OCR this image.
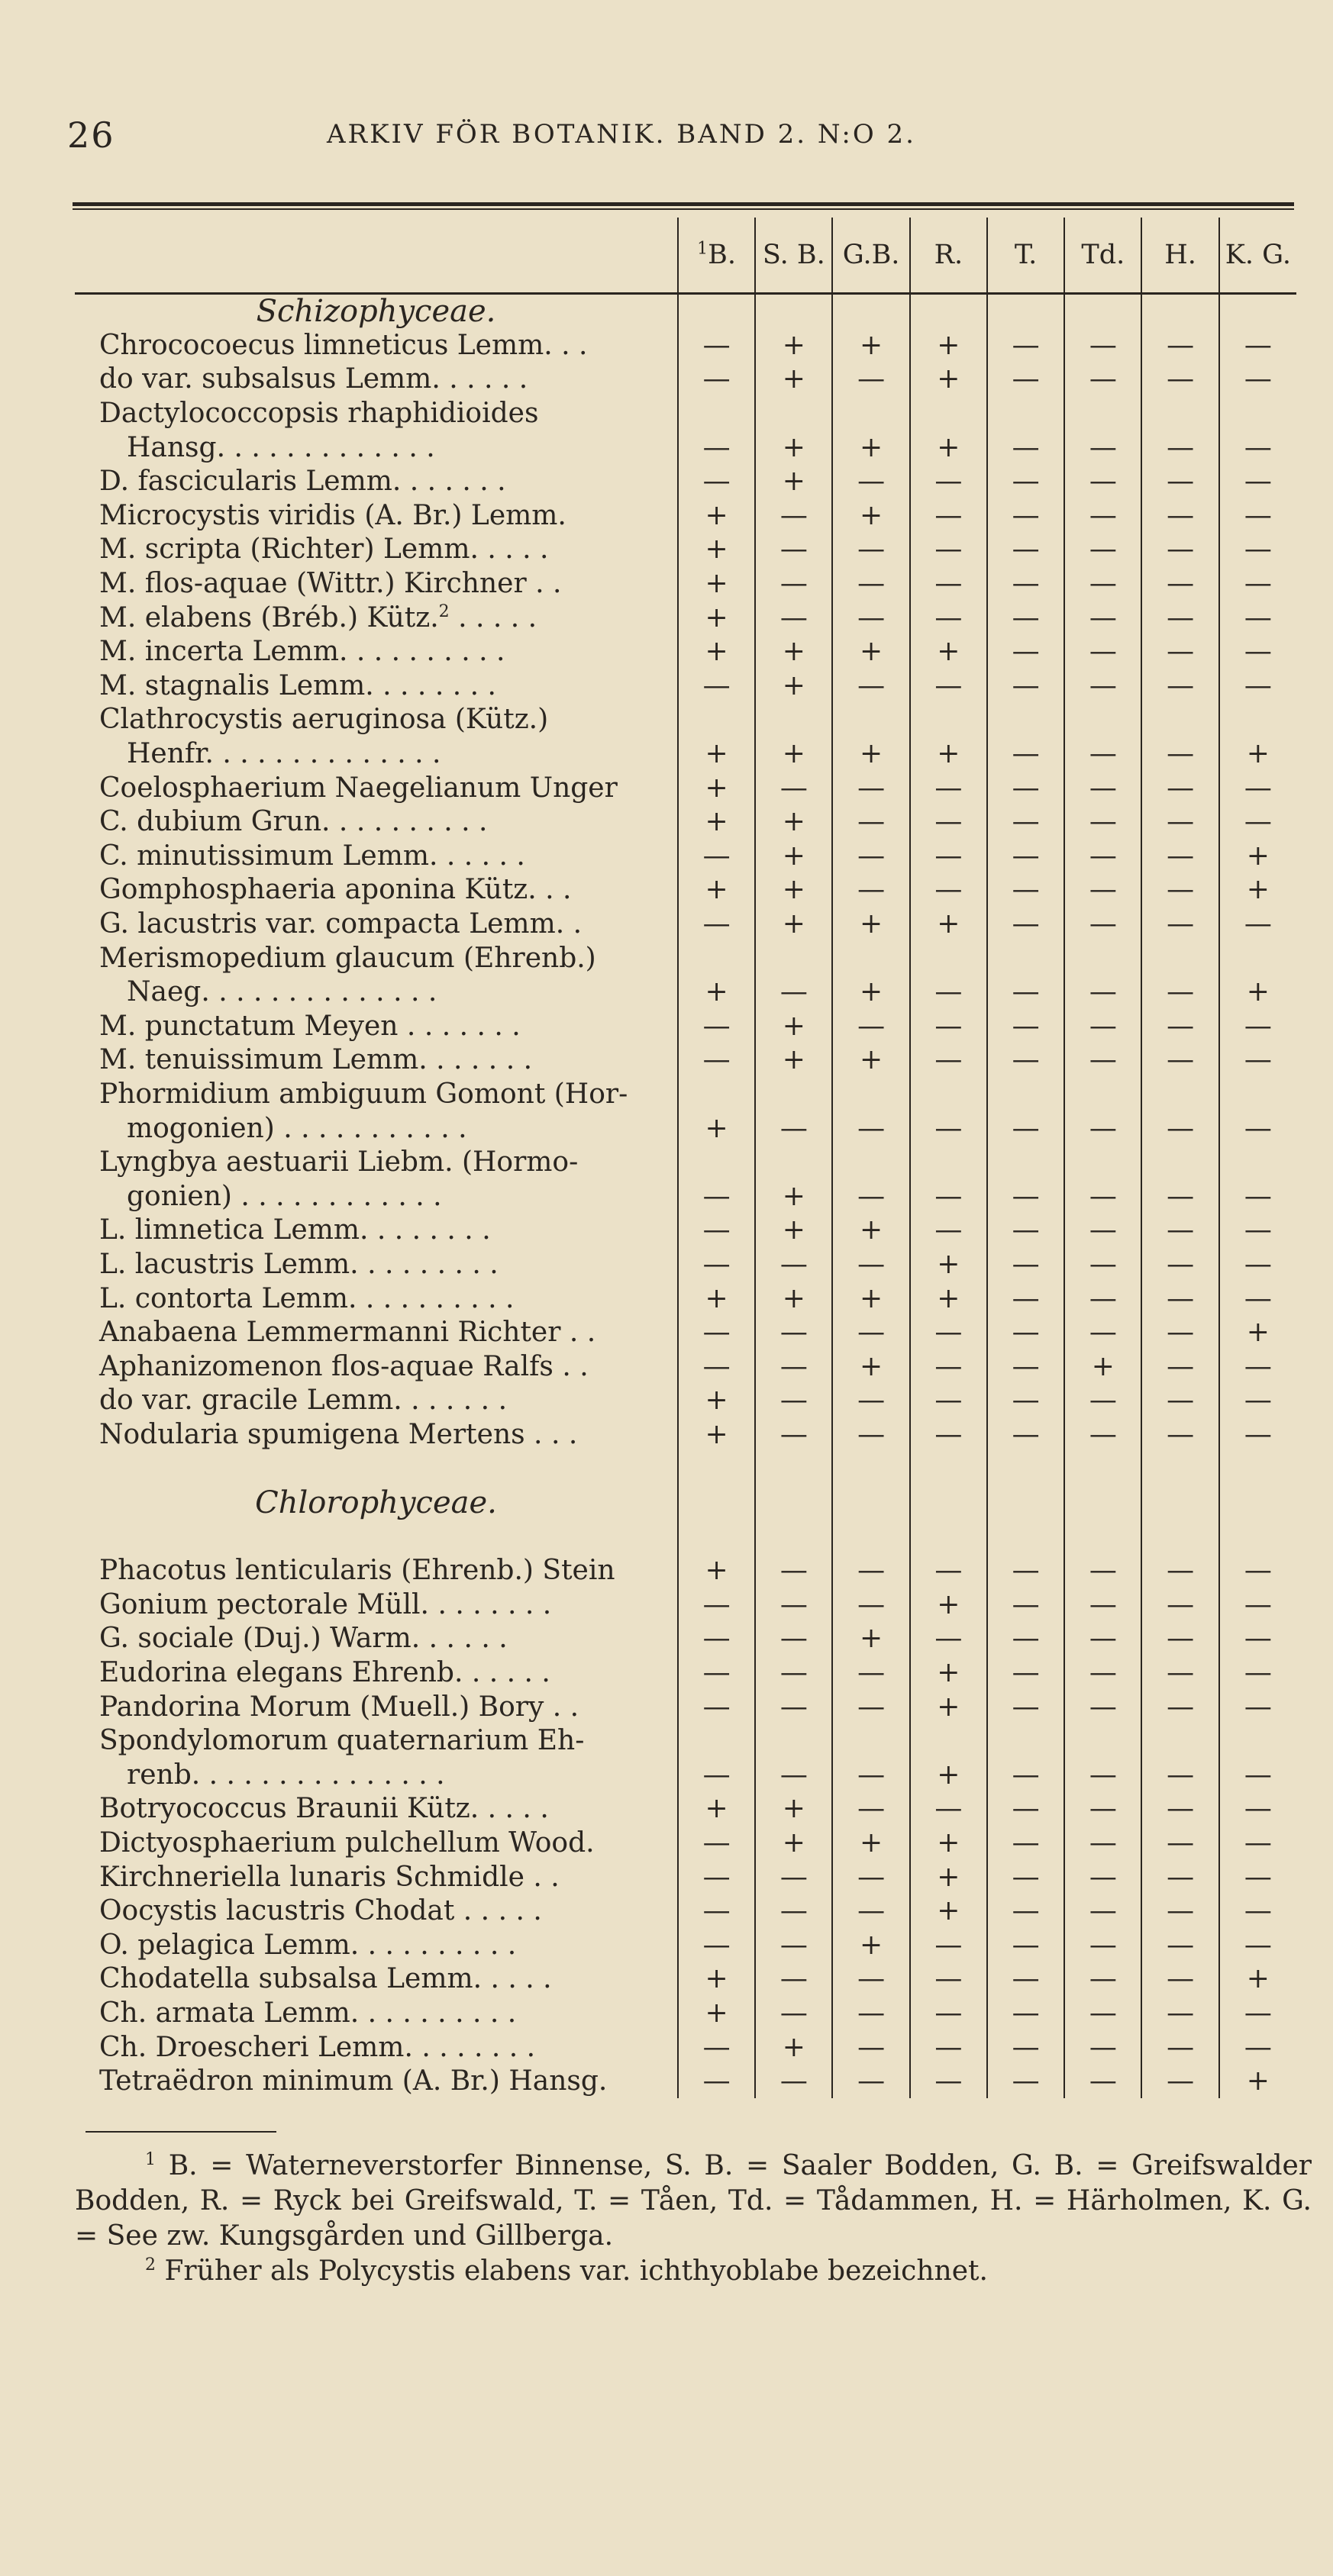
26	ARKIV FÖR BOTANIK. BAND 2. N:O 2.
	$^1$B.	S. B.	G.B.	R.	T.	Td.	H.	K. G.
Schizophyceae.								
Chrococoecus limneticus Lemm. . .	—	+	+	+	—	—	—	—
do var. subsalsus Lemm. . . . . .	—	+	—	+	—	—	—	—
Dactylococcopsis rhaphidioides								
Hansg. . . . . . . . . . . . .	—	+	+	+	—	—	—	—
D. fascicularis Lemm. . . . . . .	—	+	—	—	—	—	—	—
Microcystis viridis (A. Br.) Lemm.	+	—	+	—	—	—	—	—
M. scripta (Richter) Lemm. . . . .	+	—	—	—	—	—	—	—
M. flos-aquae (Wittr.) Kirchner . .	+	—	—	—	—	—	—	—
M. elabens (Bréb.) Kütz.$^2$ . . . . .	+	—	—	—	—	—	—	—
M. incerta Lemm. . . . . . . . . .	+	+	+	+	—	—	—	—
M. stagnalis Lemm. . . . . . . .	—	+	—	—	—	—	—	—
Clathrocystis aeruginosa (Kütz.)								
Henfr. . . . . . . . . . . . . .	+	+	+	+	—	—	—	+
Coelosphaerium Naegelianum Unger	+	—	—	—	—	—	—	—
C. dubium Grun. . . . . . . . . .	+	+	—	—	—	—	—	—
C. minutissimum Lemm. . . . . .	—	+	—	—	—	—	—	+
Gomphosphaeria aponina Kütz. . .	+	+	—	—	—	—	—	+
G. lacustris var. compacta Lemm. .	—	+	+	+	—	—	—	—
Merismopedium glaucum (Ehrenb.)								
Naeg. . . . . . . . . . . . . .	+	—	+	—	—	—	—	+
M. punctatum Meyen . . . . . . .	—	+	—	—	—	—	—	—
M. tenuissimum Lemm. . . . . . .	—	+	+	—	—	—	—	—
Phormidium ambiguum Gomont (Hor-								
mogonien) . . . . . . . . . . .	+	—	—	—	—	—	—	—
Lyngbya aestuarii Liebm. (Hormo-								
gonien) . . . . . . . . . . . .	—	+	—	—	—	—	—	—
L. limnetica Lemm. . . . . . . .	—	+	+	—	—	—	—	—
L. lacustris Lemm. . . . . . . . .	—	—	—	+	—	—	—	—
L. contorta Lemm. . . . . . . . . .	+	+	+	+	—	—	—	—
Anabaena Lemmermanni Richter . .	—	—	—	—	—	—	—	+
Aphanizomenon flos-aquae Ralfs . .	—	—	+	—	—	+	—	—
do var. gracile Lemm. . . . . . .	+	—	—	—	—	—	—	—
Nodularia spumigena Mertens . . .	+	—	—	—	—	—	—	—

Chlorophyceae.								

Phacotus lenticularis (Ehrenb.) Stein	+	—	—	—	—	—	—	—
Gonium pectorale Müll. . . . . . . .	—	—	—	+	—	—	—	—
G. sociale (Duj.) Warm. . . . . .	—	—	+	—	—	—	—	—
Eudorina elegans Ehrenb. . . . . .	—	—	—	+	—	—	—	—
Pandorina Morum (Muell.) Bory . .	—	—	—	+	—	—	—	—
Spondylomorum quaternarium Eh-								
renb. . . . . . . . . . . . . . .	—	—	—	+	—	—	—	—
Botryococcus Braunii Kütz. . . . .	+	+	—	—	—	—	—	—
Dictyosphaerium pulchellum Wood.	—	+	+	+	—	—	—	—
Kirchneriella lunaris Schmidle . .	—	—	—	+	—	—	—	—
Oocystis lacustris Chodat . . . . .	—	—	—	+	—	—	—	—
O. pelagica Lemm. . . . . . . . . .	—	—	+	—	—	—	—	—
Chodatella subsalsa Lemm. . . . .	+	—	—	—	—	—	—	+
Ch. armata Lemm. . . . . . . . . .	+	—	—	—	—	—	—	—
Ch. Droescheri Lemm. . . . . . . .	—	+	—	—	—	—	—	—
Tetraëdron minimum (A. Br.) Hansg.	—	—	—	—	—	—	—	+

$^1$ B. = Waterneverstorfer Binnense, S. B. = Saaler Bodden, G. B. = Greifswalder Bodden, R. = Ryck bei Greifswald, T. = Tåen, Td. = Tådammen, H. = Härholmen, K. G. = See zw. Kungsgården und Gillberga.

$^2$ Früher als Polycystis elabens var. ichthyoblabe bezeichnet.
